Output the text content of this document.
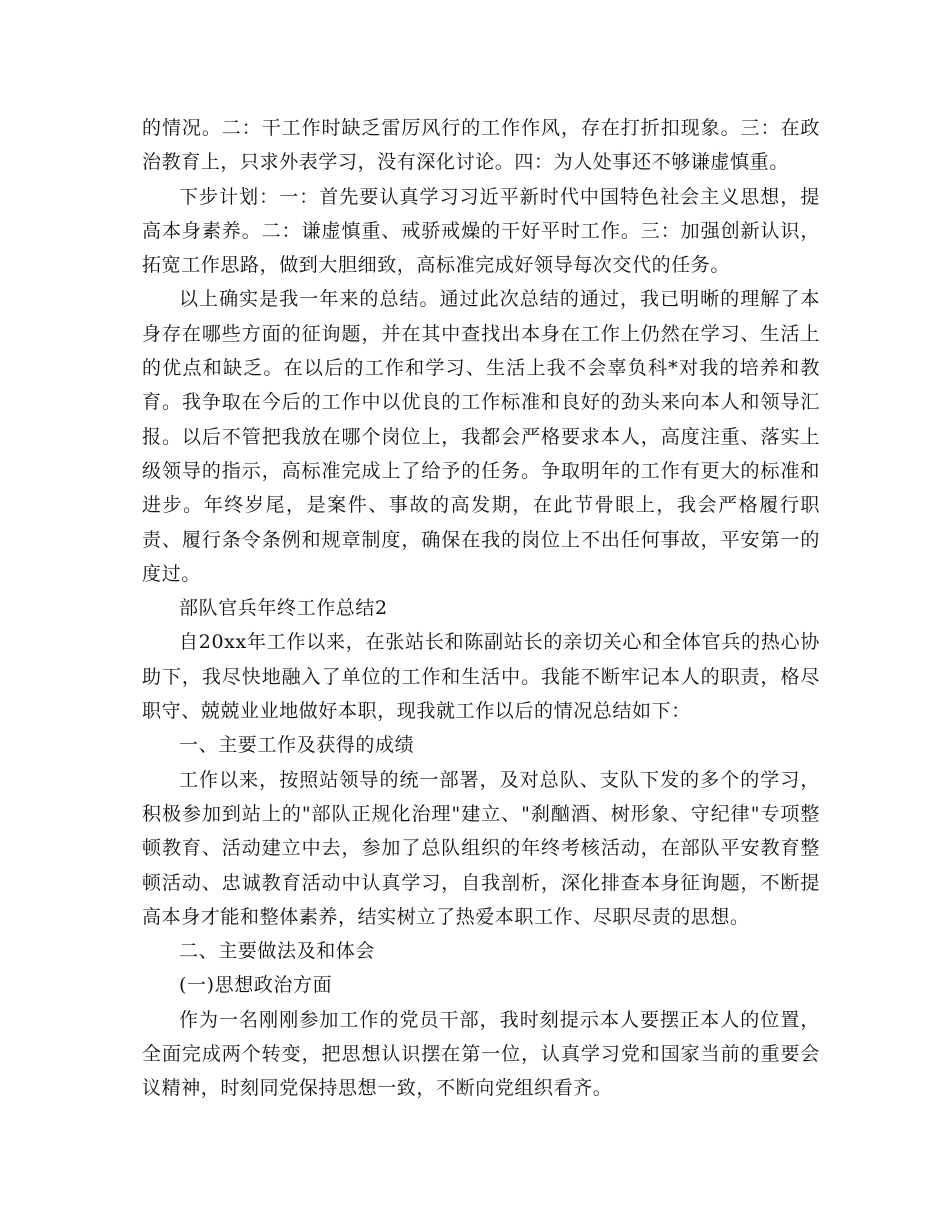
的情况。二：干工作时缺乏雷厉风行的工作作风，存在打折扣现象。三：在政治教育上，只求外表学习，没有深化讨论。四：为人处事还不够谦虚慎重。

下步计划：一：首先要认真学习习近平新时代中国特色社会主义思想，提高本身素养。二：谦虚慎重、戒骄戒燥的干好平时工作。三：加强创新认识，拓宽工作思路，做到大胆细致，高标准完成好领导每次交代的任务。

以上确实是我一年来的总结。通过此次总结的通过，我已明晰的理解了本身存在哪些方面的征询题，并在其中查找出本身在工作上仍然在学习、生活上的优点和缺乏。在以后的工作和学习、生活上我不会辜负科*对我的培养和教育。我争取在今后的工作中以优良的工作标准和良好的劲头来向本人和领导汇报。以后不管把我放在哪个岗位上，我都会严格要求本人，高度注重、落实上级领导的指示，高标准完成上了给予的任务。争取明年的工作有更大的标准和进步。年终岁尾，是案件、事故的高发期，在此节骨眼上，我会严格履行职责、履行条令条例和规章制度，确保在我的岗位上不出任何事故，平安第一的度过。

部队官兵年终工作总结2

自20xx年工作以来，在张站长和陈副站长的亲切关心和全体官兵的热心协助下，我尽快地融入了单位的工作和生活中。我能不断牢记本人的职责，格尽职守、兢兢业业地做好本职，现我就工作以后的情况总结如下：

一、主要工作及获得的成绩

工作以来，按照站领导的统一部署，及对总队、支队下发的多个的学习，积极参加到站上的"部队正规化治理"建立、"刹酗酒、树形象、守纪律"专项整顿教育、活动建立中去，参加了总队组织的年终考核活动，在部队平安教育整顿活动、忠诚教育活动中认真学习，自我剖析，深化排查本身征询题，不断提高本身才能和整体素养，结实树立了热爱本职工作、尽职尽责的思想。

二、主要做法及和体会

(一)思想政治方面

作为一名刚刚参加工作的党员干部，我时刻提示本人要摆正本人的位置，全面完成两个转变，把思想认识摆在第一位，认真学习党和国家当前的重要会议精神，时刻同党保持思想一致，不断向党组织看齐。
